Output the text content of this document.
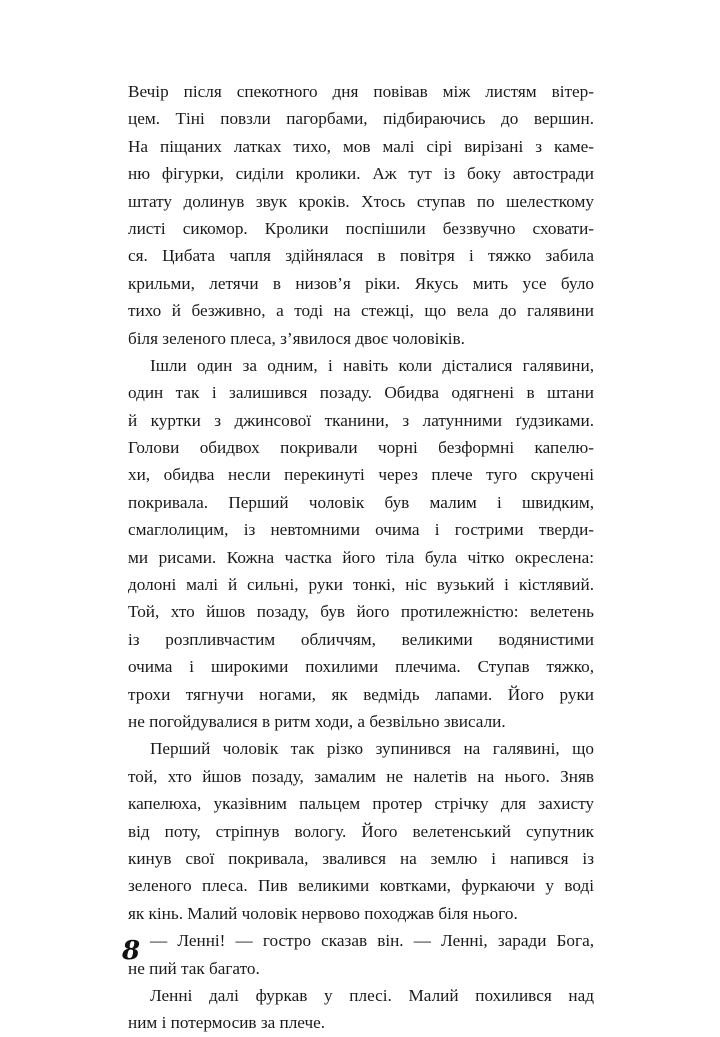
Вечір після спекотного дня повівав між листям вітер-
цем. Тіні повзли пагорбами, підбираючись до вершин.
На піщаних латках тихо, мов малі сірі вирізані з каме-
ню фігурки, сиділи кролики. Аж тут із боку автостради
штату долинув звук кроків. Хтось ступав по шелесткому
листі сикомор. Кролики поспішили беззвучно сховати-
ся. Цибата чапля здійнялася в повітря і тяжко забила
крильми, летячи в низов’я ріки. Якусь мить усе було
тихо й безживно, а тоді на стежці, що вела до галявини
біля зеленого плеса, з’явилося двоє чоловіків.
Ішли один за одним, і навіть коли дісталися галявини,
один так і залишився позаду. Обидва одягнені в штани
й куртки з джинсової тканини, з латунними ґудзиками.
Голови обидвох покривали чорні безформні капелю-
хи, обидва несли перекинуті через плече туго скручені
покривала. Перший чоловік був малим і швидким,
смаглолицим, із невтомними очима і гострими тверди-
ми рисами. Кожна частка його тіла була чітко окреслена:
долоні малі й сильні, руки тонкі, ніс вузький і кістлявий.
Той, хто йшов позаду, був його протилежністю: велетень
із розпливчастим обличчям, великими водянистими
очима і широкими похилими плечима. Ступав тяжко,
трохи тягнучи ногами, як ведмідь лапами. Його руки
не погойдувалися в ритм ходи, а безвільно звисали.
Перший чоловік так різко зупинився на галявині, що
той, хто йшов позаду, замалим не налетів на нього. Зняв
капелюха, указівним пальцем протер стрічку для захисту
від поту, стріпнув вологу. Його велетенський супутник
кинув свої покривала, звалився на землю і напився із
зеленого плеса. Пив великими ковтками, фуркаючи у воді
як кінь. Малий чоловік нервово походжав біля нього.
— Ленні! — гостро сказав він. — Ленні, заради Бога,
не пий так багато.
Ленні далі фуркав у плесі. Малий похилився над
ним і потермосив за плече.
8
